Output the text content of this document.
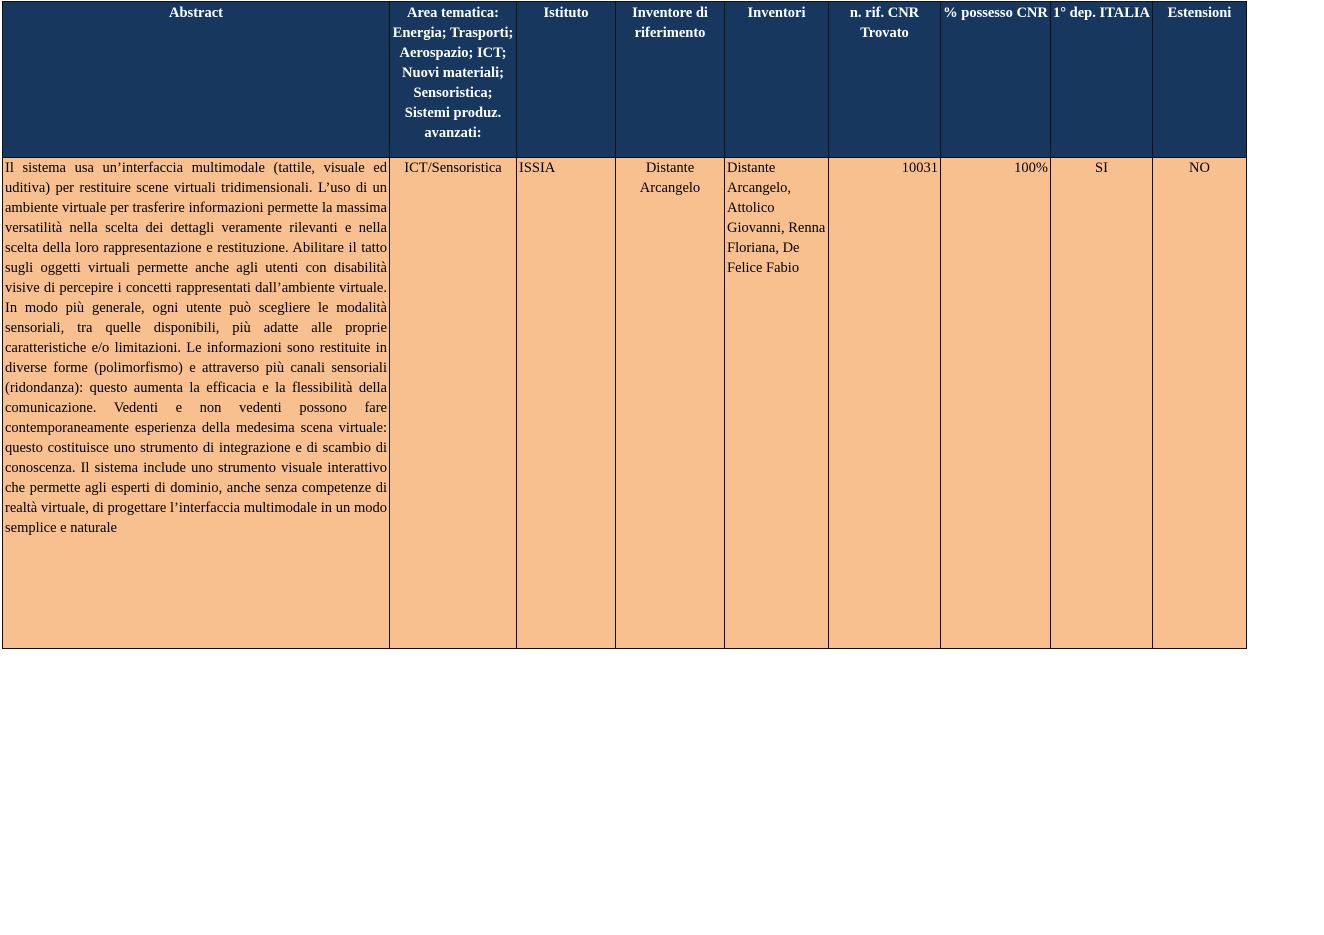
Abstract	Area tematica: Energia; Trasporti; Aerospazio; ICT; Nuovi materiali; Sensoristica; Sistemi produz. avanzati:	Istituto	Inventore di riferimento	Inventori	n. rif. CNR Trovato	% possesso CNR	1° dep. ITALIA	Estensioni

Il sistema usa un’interfaccia multimodale (tattile, visuale ed uditiva) per restituire scene virtuali tridimensionali. L’uso di un ambiente virtuale per trasferire informazioni permette la massima versatilità nella scelta dei dettagli veramente rilevanti e nella scelta della loro rappresentazione e restituzione. Abilitare il tatto sugli oggetti virtuali permette anche agli utenti con disabilità visive di percepire i concetti rappresentati dall’ambiente virtuale. In modo più generale, ogni utente può scegliere le modalità sensoriali, tra quelle disponibili, più adatte alle proprie caratteristiche e/o limitazioni. Le informazioni sono restituite in diverse forme (polimorfismo) e attraverso più canali sensoriali (ridondanza): questo aumenta la efficacia e la flessibilità della comunicazione. Vedenti e non vedenti possono fare contemporaneamente esperienza della medesima scena virtuale: questo costituisce uno strumento di integrazione e di scambio di conoscenza. Il sistema include uno strumento visuale interattivo che permette agli esperti di dominio, anche senza competenze di realtà virtuale, di progettare l’interfaccia multimodale in un modo semplice e naturale	ICT/Sensoristica	ISSIA	Distante Arcangelo	Distante Arcangelo, Attolico Giovanni, Renna Floriana, De Felice Fabio	10031	100%	SI	NO
